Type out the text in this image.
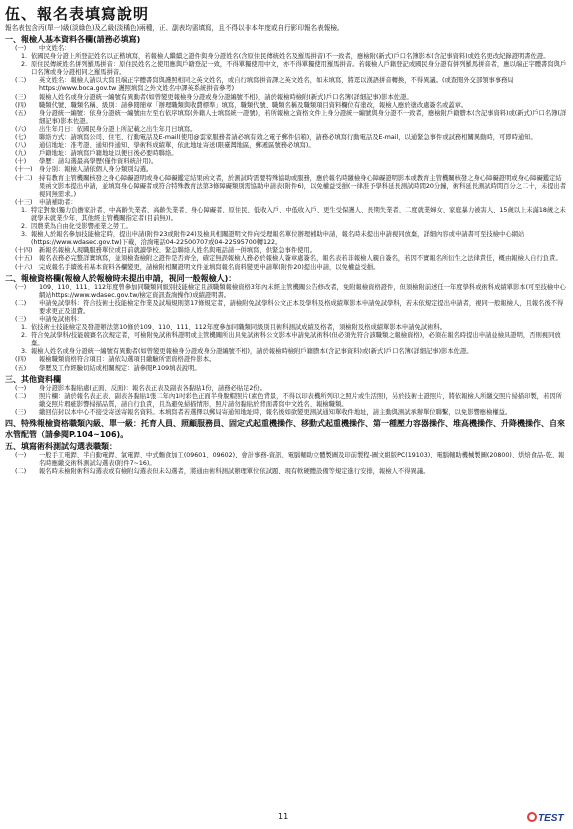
伍、報名表填寫說明

報名表包含丙(單一)級(淡綠色)及乙級(淡橘色)兩種，正、副表均需填寫，且不得以非本年度或自行影印報名表報檢。

一、報檢人基本資料各欄(請務必填寫)

(一)	中文姓名：
1. 依國民身分證上所登記姓名以正楷填寫，若報檢人繼續之證件與身分證姓名(含原住民傳統姓名及羅馬拼音)不一致者，應檢附(新式)戶口名簿影本(含記事資料)或姓名更改紀錄證明書佐證。
2. 原住民傳統姓名併列羅馬拼音：原住民姓名之使用應與戶籍登記一致，不得單獨使用中文，亦不得單獨使用羅馬拼音。若報檢人戶籍登記或國民身分證有併列羅馬拼音者，應以端正字體書寫與戶口名簿或身分證相同之羅馬拼音。
(二)	英文姓名：報檢人請以大寫且端正字體書寫與護照相同之英文姓名，或自行填寫拼音譯之英文姓名，如未填寫，將逕以漢語拼音轉換，不得異議。(或查閱外交部領事事務局 https://www.boca.gov.tw 護照填寫之外文姓名中譯英系統拼音參考)
(三)	報檢人姓名或身分證統一編號有異動者(如曾變更報檢身分證或身分證編號不相)，請於報檢時檢附(新式)戶口名簿(詳細記事)影本佐證。
(四)	職類代號、職類名稱、級別：請參閱簡章「辦理職類與收費標準」填寫，職類代號、職類名稱及職類項目資料欄位有塗改，報檢人應於塗改處簽名或蓋章。
(五)	身分證統一編號：依身分證統一編號由左至右依序填寫(外籍人士填寫統一證號)，若所報檢之資格文件上身分證統一編號與身分證不一致者，應檢附戶籍謄本(含記事資料)或(新式)戶口名簿(詳細記事)影本佐證。
(六)	出生年月日：依國民身分證上所記載之出生年月日填寫。
(七)	聯絡方式：請填寫公司、住宅、行動電話及E-mail(使用@雲家服務者請必填有效之電子郵件信箱)，請務必填寫行動電話及E-mail，以通緊急事件或試務相關異動時，可即時通知。
(八)	通信地址：准考證、通知件通知、學術科成績單，依此地址寄送(限臺灣地區，郵遞區號務必填寫)。
(九)	戶籍地址：請填寫戶籍地址以便日後必要時聯絡。
(十)	學歷：請勾選最高學歷(僅作資料統計用)。
(十一)	身分別：報檢人請依個人身分類別勾選。
(十二)	持有教育主管機關核發之身心障礙證明或身心障礙鑑定結果函文者，於測試時需要特殊協助或服務，應於報名時繳檢身心障礙證明影本或教育主管機關核發之身心障礙證明或身心障礙鑑定結果函文影本提出申請，並填寫身心障礙者或符合特殊教育法第3條障礙類別需協助申請表(附件6)，以免權益受損(一律准予學科延長測試時間20分鐘，術科延長測試時間百分之二十，未提出者視同無需求。)
(十三)	申請補助者：
1. 特定對象(獨力負擔家計者、中高齡失業者、高齡失業者、身心障礙者、原住民、低收入戶、中低收入戶、更生受保護人、長期失業者、二度就業婦女、家庭暴力被害人、15歲以上未滿18歲之未就學未就業少年、其他經主管機關指定者(目前無))。
2. 因農業為自由化受影響產業之勞工。
3. 報檢人於報名參加技能檢定時，提出申請(附件23或附件24)及檢具相關證明文件向受理報名單位辦理補助申請，報名時未提出申請視同放棄，詳細內容或申請書可至技檢中心網站(https://www.wdasec.gov.tw)下載，洽詢電話04-22500707或04-22595700轉122。
(十四)	新報名報檢人現職服務單位或目前就讀學校、緊急聯絡人姓名與電話請一併填寫，供緊急事件使用。
(十五)	報名表務必完整詳實填寫，並須檢查檢附之證件是否齊全，確定無誤報檢人務必於報檢人簽章處簽名，報名表若非報檢人親自簽名，若因不實報名所衍生之法律責任，概由報檢人自行負責。
(十六)	完成報名手續後若基本資料各欄變更，請檢附相關證明文件並填寫報名資料變更申請單(附件20)提出申請，以免權益受損。

二、報檢資格欄(報檢人於報檢時未提出申請，視同一般報檢人)：

(一)	109、110、111、112年度曾參加同職類同級別技能檢定且該職類報檢資格3年內未經主管機關公告修改者，免附報檢資格證件，但須檢附前述任一年度學科或術科成績單影本(可至技檢中心網站https://www.wdasec.gov.tw/檢定資訊查詢操作)成績證明書。
(二)	申請免試學科：符合技術士技能檢定作業及試場規則第17條規定者，請檢附免試學科公文正本及學科及格成績單影本申請免試學科，若未依規定提出申請者，視同一般報檢人，且報名後不得要求更正及退費。
(三)	申請免試術科：
1. 依技術士技能檢定及發證辦法第10條於109、110、111、112年度參加同職類同級別且術科測試成績及格者，須檢附及格成績單影本申請免試術科。
2. 符合免試學科/技能競賽名次規定者，可檢附免試術科證明或主管機關所出具免試術科公文影本申請免試術科(但必須先符合該職類之報檢資格)，必須在報名時提出申請並檢具證明，否則視同放棄。
3. 報檢人姓名或身分證統一編號有異動者(如曾變更報檢身分證或身分證編號不相)，請於報檢時檢附戶籍謄本(含記事資料)或(新式)戶口名簿(詳細記事)影本佐證。
(四)	報檢職類資格符合項目：請依勾選項目繳驗所需資格證件影本。
(五)	學歷及工作經驗切結或相關規定：請參閱P.109填表說明。

三、其他資料欄

(一)	身分證影本黏貼處(正面、反面)：報名表正表及副表各黏貼1份，請務必貼足2份。
(二)	照片欄：請於報名表正表、副表各黏貼1張二年內1吋彩色正面半身脫帽照片(素色背景，不得以印表機所列印之照片或生活照)，另於技術士證照片，將依報檢人所繳交照片掃描印製，若因所繳交照片瑕疵影響掃描品質，請自行負責，且為避免掃描情形，照片請勿黏貼於背面書寫中文姓名、報檢職類。
(三)	繳回信封以本中心不接受寄送寄報名資料。本填寫者若選擇以郵局寄通知地址時，報名後如欲變更測試通知單收件地址，請主動與測試承辦單位聯繫，以免影響應檢權益。

四、特殊報檢資格職類內級、單一級：托育人員、照顧服務員、固定式起重機操作、移動式起重機操作、第一種壓力容器操作、堆高機操作、升降機操作、自來水管配管（請參閱P.104~106)。

五、填寫術科測試勾選表職類：

(一)	一般手工電銲、半自動電銲、氣電銲、中式麵食加工(09601、09602)、會計事務-資訊、電腦輔助立體製圖及印前製程-圖文組版PC(19103)、電腦輔助機械製圖(20800)、烘焙食品-乾、報名時應繳交術科測試勾選表(附件7~16)。
(二)	報名時未檢附術科勾選表或有檢附勾選表但未勾選者，將通由術科測試辦理單位依試題、現有軟硬體設備等規定進行安排，報檢人不得異議。
11	TEST
